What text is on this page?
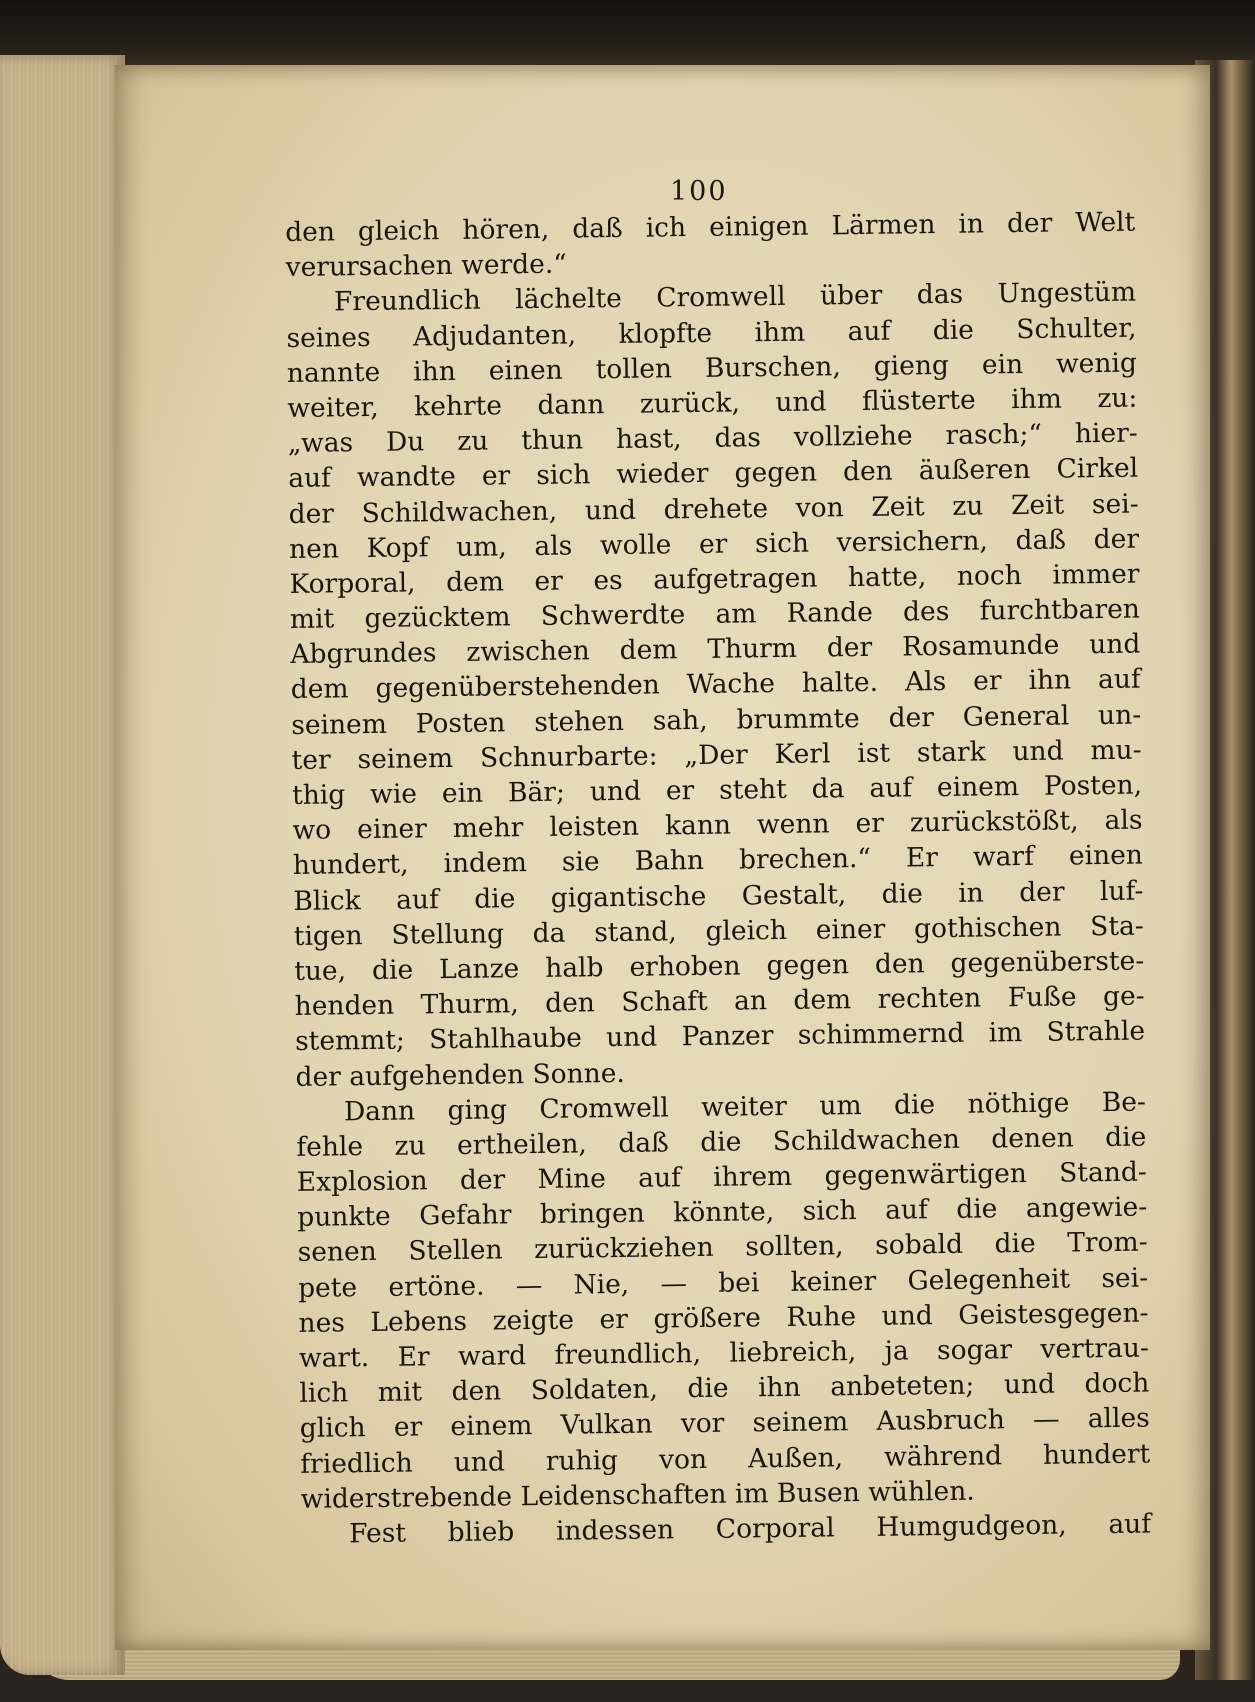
100
den gleich hören, daß ich einigen Lärmen in der Welt
verursachen werde.“
Freundlich lächelte Cromwell über das Ungestüm
seines Adjudanten, klopfte ihm auf die Schulter,
nannte ihn einen tollen Burschen, gieng ein wenig
weiter, kehrte dann zurück, und flüsterte ihm zu:
„was Du zu thun hast, das vollziehe rasch;“ hier-
auf wandte er sich wieder gegen den äußeren Cirkel
der Schildwachen, und drehete von Zeit zu Zeit sei-
nen Kopf um, als wolle er sich versichern, daß der
Korporal, dem er es aufgetragen hatte, noch immer
mit gezücktem Schwerdte am Rande des furchtbaren
Abgrundes zwischen dem Thurm der Rosamunde und
dem gegenüberstehenden Wache halte. Als er ihn auf
seinem Posten stehen sah, brummte der General un-
ter seinem Schnurbarte: „Der Kerl ist stark und mu-
thig wie ein Bär; und er steht da auf einem Posten,
wo einer mehr leisten kann wenn er zurückstößt, als
hundert, indem sie Bahn brechen.“ Er warf einen
Blick auf die gigantische Gestalt, die in der luf-
tigen Stellung da stand, gleich einer gothischen Sta-
tue, die Lanze halb erhoben gegen den gegenüberste-
henden Thurm, den Schaft an dem rechten Fuße ge-
stemmt; Stahlhaube und Panzer schimmernd im Strahle
der aufgehenden Sonne.
Dann ging Cromwell weiter um die nöthige Be-
fehle zu ertheilen, daß die Schildwachen denen die
Explosion der Mine auf ihrem gegenwärtigen Stand-
punkte Gefahr bringen könnte, sich auf die angewie-
senen Stellen zurückziehen sollten, sobald die Trom-
pete ertöne. — Nie, — bei keiner Gelegenheit sei-
nes Lebens zeigte er größere Ruhe und Geistesgegen-
wart. Er ward freundlich, liebreich, ja sogar vertrau-
lich mit den Soldaten, die ihn anbeteten; und doch
glich er einem Vulkan vor seinem Ausbruch — alles
friedlich und ruhig von Außen, während hundert
widerstrebende Leidenschaften im Busen wühlen.
Fest blieb indessen Corporal Humgudgeon, auf
